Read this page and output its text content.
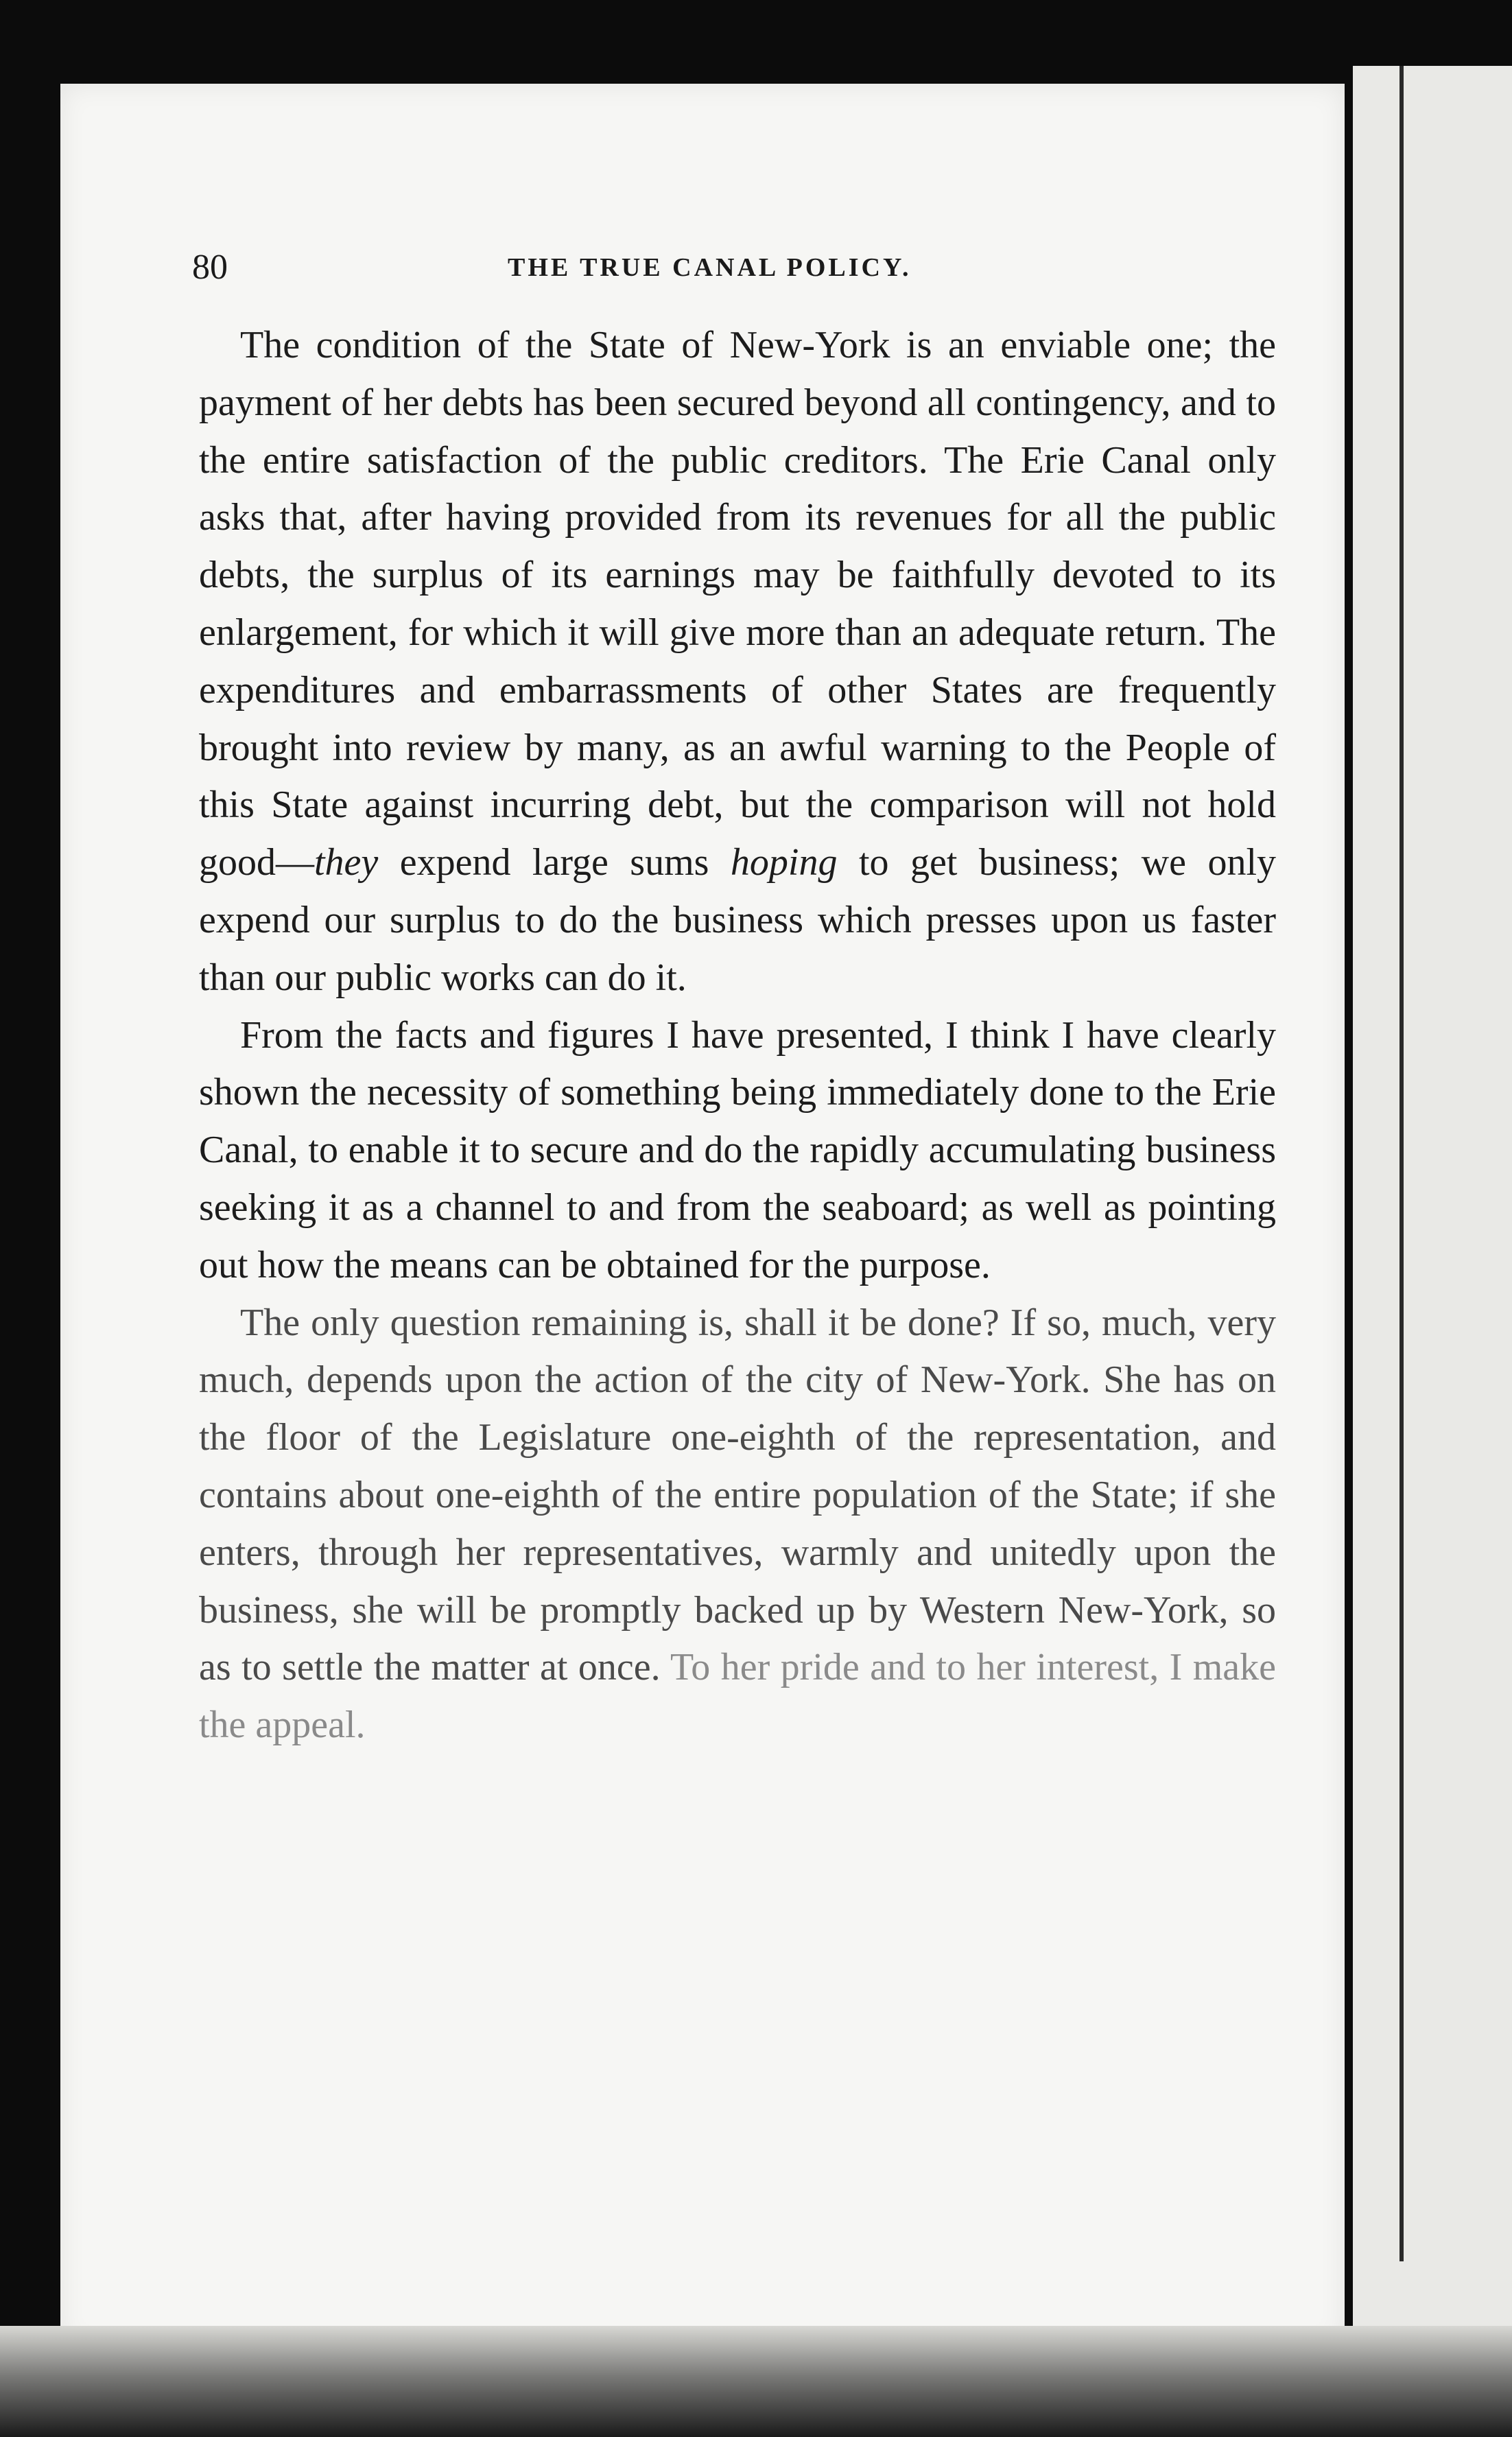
80	THE TRUE CANAL POLICY.

The condition of the State of New-York is an enviable one; the payment of her debts has been secured beyond all contingency, and to the entire satisfaction of the public creditors. The Erie Canal only asks that, after having provided from its revenues for all the public debts, the surplus of its earnings may be faithfully devoted to its enlargement, for which it will give more than an adequate return. The expenditures and embarrassments of other States are frequently brought into review by many, as an awful warning to the People of this State against incurring debt, but the comparison will not hold good—they expend large sums hoping to get business; we only expend our surplus to do the business which presses upon us faster than our public works can do it.

From the facts and figures I have presented, I think I have clearly shown the necessity of something being immediately done to the Erie Canal, to enable it to secure and do the rapidly accumulating business seeking it as a channel to and from the seaboard; as well as pointing out how the means can be obtained for the purpose.

The only question remaining is, shall it be done? If so, much, very much, depends upon the action of the city of New-York. She has on the floor of the Legislature one-eighth of the representation, and contains about one-eighth of the entire population of the State; if she enters, through her representatives, warmly and unitedly upon the business, she will be promptly backed up by Western New-York, so as to settle the matter at once. To her pride and to her interest, I make the appeal.
